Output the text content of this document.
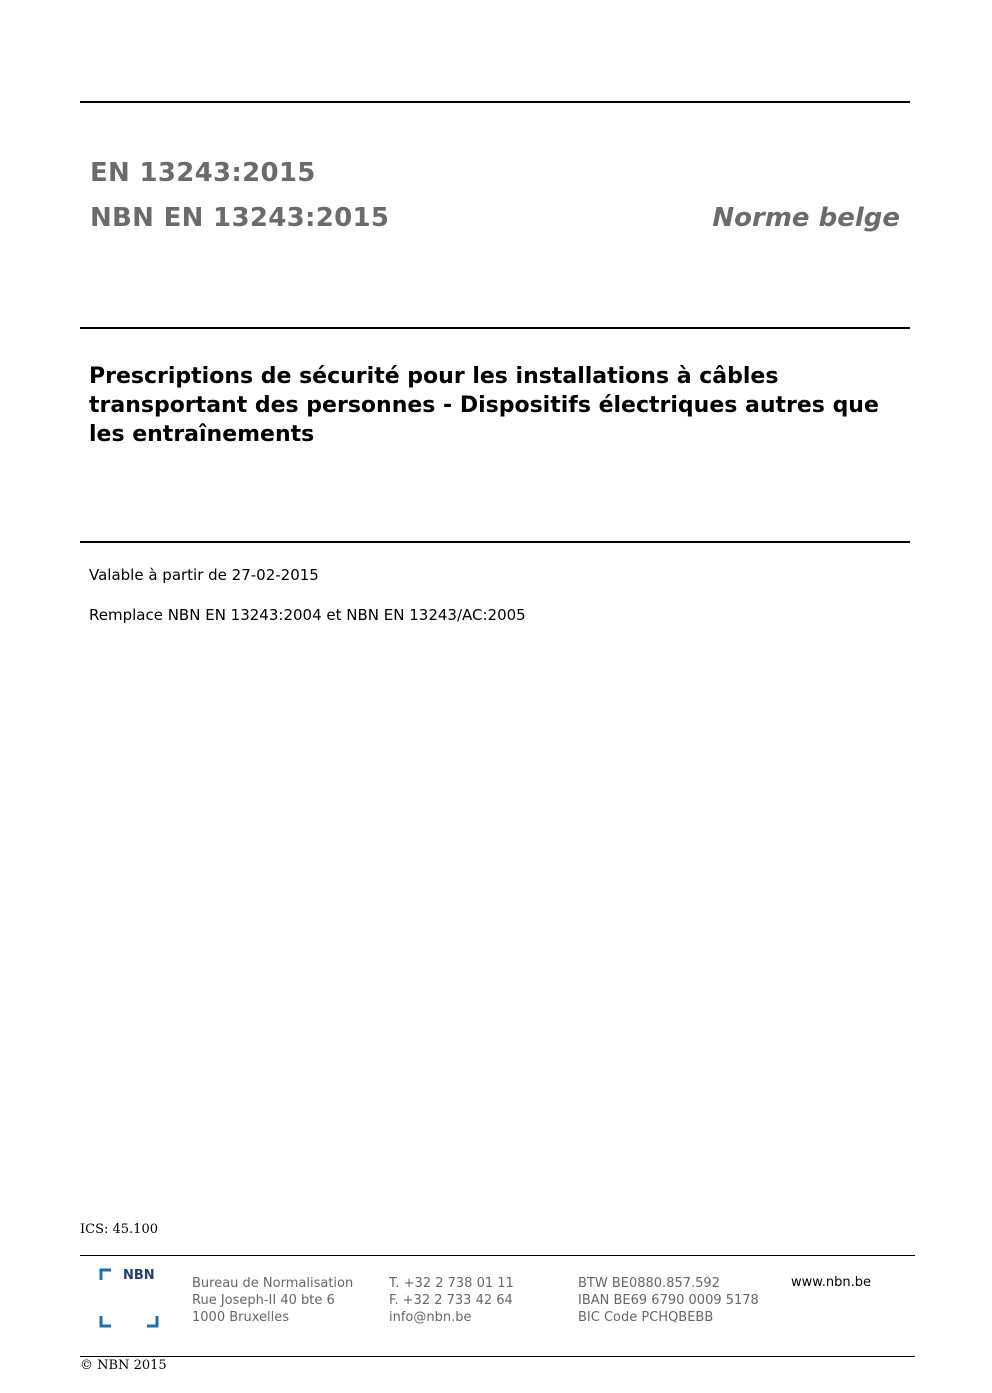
EN 13243:2015
NBN EN 13243:2015	Norme belge
Prescriptions de sécurité pour les installations à câbles transportant des personnes - Dispositifs électriques autres que les entraînements
Valable à partir de 27-02-2015
Remplace NBN EN 13243:2004 et NBN EN 13243/AC:2005
ICS: 45.100
NBN
Bureau de Normalisation
Rue Joseph-II 40 bte 6
1000 Bruxelles
T. +32 2 738 01 11
F. +32 2 733 42 64
info@nbn.be
BTW BE0880.857.592
IBAN BE69 6790 0009 5178
BIC Code PCHQBEBB
www.nbn.be
© NBN 2015
